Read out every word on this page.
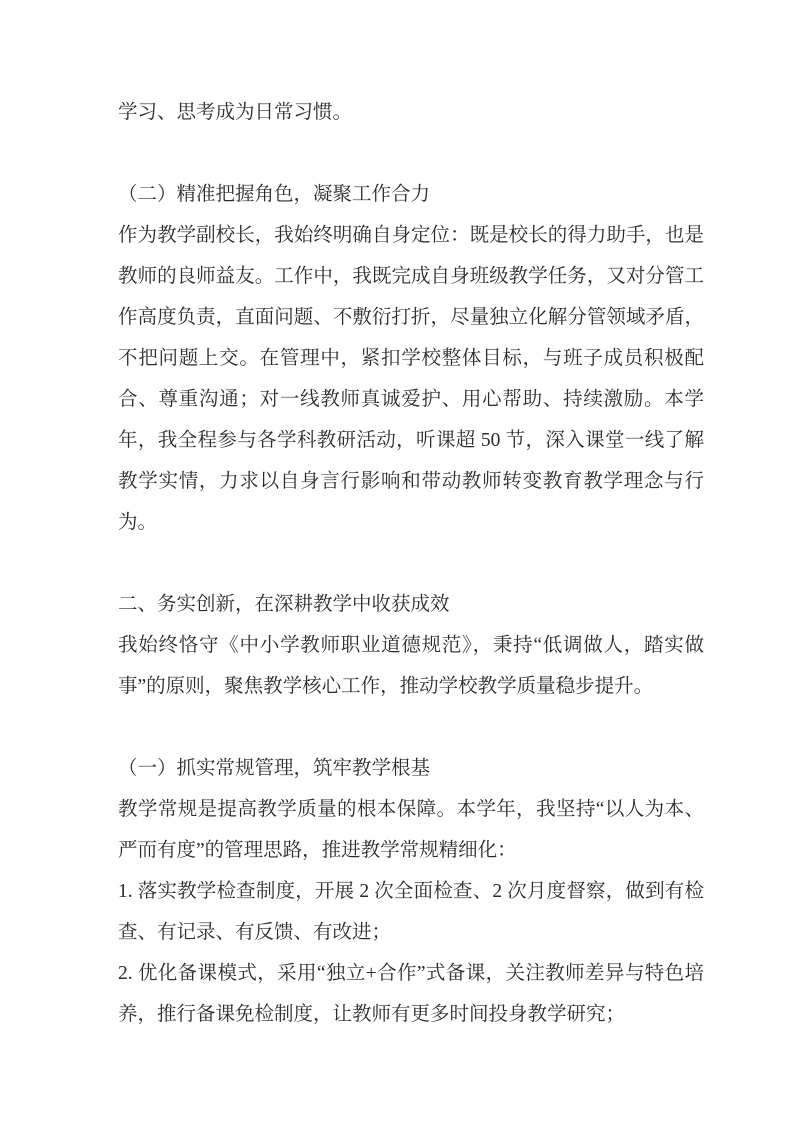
学习、思考成为日常习惯。

（二）精准把握角色，凝聚工作合力

作为教学副校长，我始终明确自身定位：既是校长的得力助手，也是教师的良师益友。工作中，我既完成自身班级教学任务，又对分管工作高度负责，直面问题、不敷衍打折，尽量独立化解分管领域矛盾，不把问题上交。在管理中，紧扣学校整体目标，与班子成员积极配合、尊重沟通；对一线教师真诚爱护、用心帮助、持续激励。本学年，我全程参与各学科教研活动，听课超 50 节，深入课堂一线了解教学实情，力求以自身言行影响和带动教师转变教育教学理念与行为。

二、务实创新，在深耕教学中收获成效

我始终恪守《中小学教师职业道德规范》，秉持“低调做人，踏实做事”的原则，聚焦教学核心工作，推动学校教学质量稳步提升。

（一）抓实常规管理，筑牢教学根基

教学常规是提高教学质量的根本保障。本学年，我坚持“以人为本、严而有度”的管理思路，推进教学常规精细化：

1. 落实教学检查制度，开展 2 次全面检查、2 次月度督察，做到有检查、有记录、有反馈、有改进；

2. 优化备课模式，采用“独立+合作”式备课，关注教师差异与特色培养，推行备课免检制度，让教师有更多时间投身教学研究；
